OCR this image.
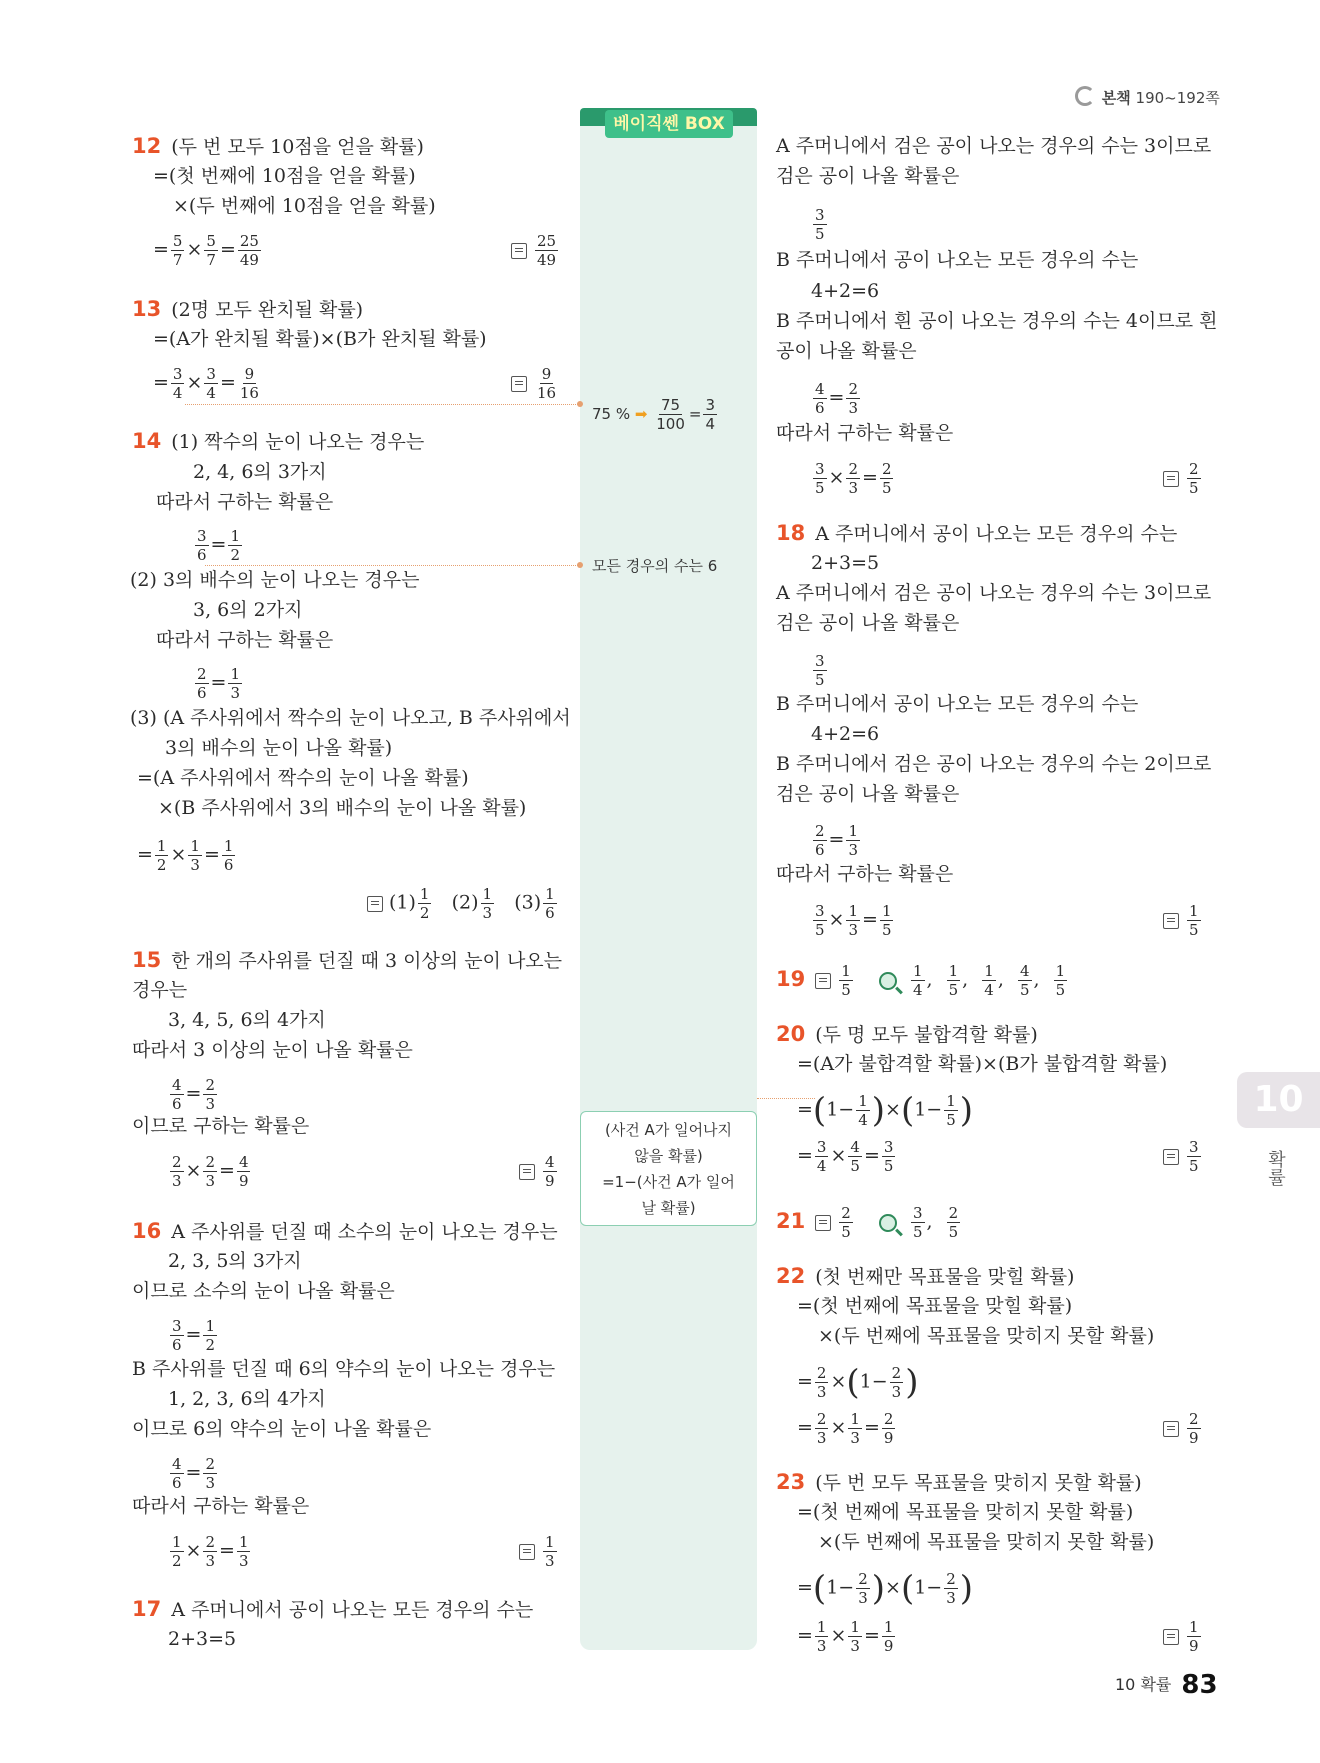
본책 190~192쪽
베이직쎈 BOX
75 % ➡ $\frac{75}{100} = \frac{3}{4}$
모든 경우의 수는 6
(사건 A가 일어나지
않을 확률)
=1−(사건 A가 일어
날 확률)
10
확률
12 (두 번 모두 10점을 얻을 확률)
=(첫 번째에 10점을 얻을 확률)
×(두 번째에 10점을 얻을 확률)
= $\frac{5}{7} \times \frac{5}{7} = \frac{25}{49}$	$\frac{25}{49}$
13 (2명 모두 완치될 확률)
=(A가 완치될 확률)×(B가 완치될 확률)
= $\frac{3}{4} \times \frac{3}{4} = \frac{9}{16}$	$\frac{9}{16}$
14 (1) 짝수의 눈이 나오는 경우는
2, 4, 6의 3가지
따라서 구하는 확률은
$\frac{3}{6} = \frac{1}{2}$
(2) 3의 배수의 눈이 나오는 경우는
3, 6의 2가지
따라서 구하는 확률은
$\frac{2}{6} = \frac{1}{3}$
(3) (A 주사위에서 짝수의 눈이 나오고, B 주사위에서
3의 배수의 눈이 나올 확률)
=(A 주사위에서 짝수의 눈이 나올 확률)
×(B 주사위에서 3의 배수의 눈이 나올 확률)
= $\frac{1}{2} \times \frac{1}{3} = \frac{1}{6}$
$(1) \frac{1}{2} (2) \frac{1}{3} (3) \frac{1}{6}$
15 한 개의 주사위를 던질 때 3 이상의 눈이 나오는
경우는
3, 4, 5, 6의 4가지
따라서 3 이상의 눈이 나올 확률은
$\frac{4}{6} = \frac{2}{3}$
이므로 구하는 확률은
$\frac{2}{3} \times \frac{2}{3} = \frac{4}{9}$	$\frac{4}{9}$
16 A 주사위를 던질 때 소수의 눈이 나오는 경우는
2, 3, 5의 3가지
이므로 소수의 눈이 나올 확률은
$\frac{3}{6} = \frac{1}{2}$
B 주사위를 던질 때 6의 약수의 눈이 나오는 경우는
1, 2, 3, 6의 4가지
이므로 6의 약수의 눈이 나올 확률은
$\frac{4}{6} = \frac{2}{3}$
따라서 구하는 확률은
$\frac{1}{2} \times \frac{2}{3} = \frac{1}{3}$	$\frac{1}{3}$
17 A 주머니에서 공이 나오는 모든 경우의 수는
2+3=5
A 주머니에서 검은 공이 나오는 경우의 수는 3이므로
검은 공이 나올 확률은
$\frac{3}{5}$
B 주머니에서 공이 나오는 모든 경우의 수는
4+2=6
B 주머니에서 흰 공이 나오는 경우의 수는 4이므로 흰
공이 나올 확률은
$\frac{4}{6} = \frac{2}{3}$
따라서 구하는 확률은
$\frac{3}{5} \times \frac{2}{3} = \frac{2}{5}$	$\frac{2}{5}$
18 A 주머니에서 공이 나오는 모든 경우의 수는
2+3=5
A 주머니에서 검은 공이 나오는 경우의 수는 3이므로
검은 공이 나올 확률은
$\frac{3}{5}$
B 주머니에서 공이 나오는 모든 경우의 수는
4+2=6
B 주머니에서 검은 공이 나오는 경우의 수는 2이므로
검은 공이 나올 확률은
$\frac{2}{6} = \frac{1}{3}$
따라서 구하는 확률은
$\frac{3}{5} \times \frac{1}{3} = \frac{1}{5}$	$\frac{1}{5}$
$19 \frac{1}{5}$
	$\frac{1}{4}$ , $\frac{1}{5}$ , $\frac{1}{4}$ , $\frac{4}{5}$ , $\frac{1}{5}$
20 (두 명 모두 불합격할 확률)
=(A가 불합격할 확률)×(B가 불합격할 확률)
$=(1- \frac{1}{4} )\times(1- \frac{1}{5}$ )
= $\frac{3}{4} \times \frac{4}{5} = \frac{3}{5}$	$\frac{3}{5}$
$21 \frac{2}{5}$
	$\frac{3}{5}$ , $\frac{2}{5}$
22 (첫 번째만 목표물을 맞힐 확률)
=(첫 번째에 목표물을 맞힐 확률)
×(두 번째에 목표물을 맞히지 못할 확률)
= $\frac{2}{3} \times(1- \frac{2}{3}$ )
= $\frac{2}{3} \times \frac{1}{3} = \frac{2}{9}$	$\frac{2}{9}$
23 (두 번 모두 목표물을 맞히지 못할 확률)
=(첫 번째에 목표물을 맞히지 못할 확률)
×(두 번째에 목표물을 맞히지 못할 확률)
$=(1- \frac{2}{3} )\times(1- \frac{2}{3}$ )
= $\frac{1}{3} \times \frac{1}{3} = \frac{1}{9}$	$\frac{1}{9}$
10 확률 83
